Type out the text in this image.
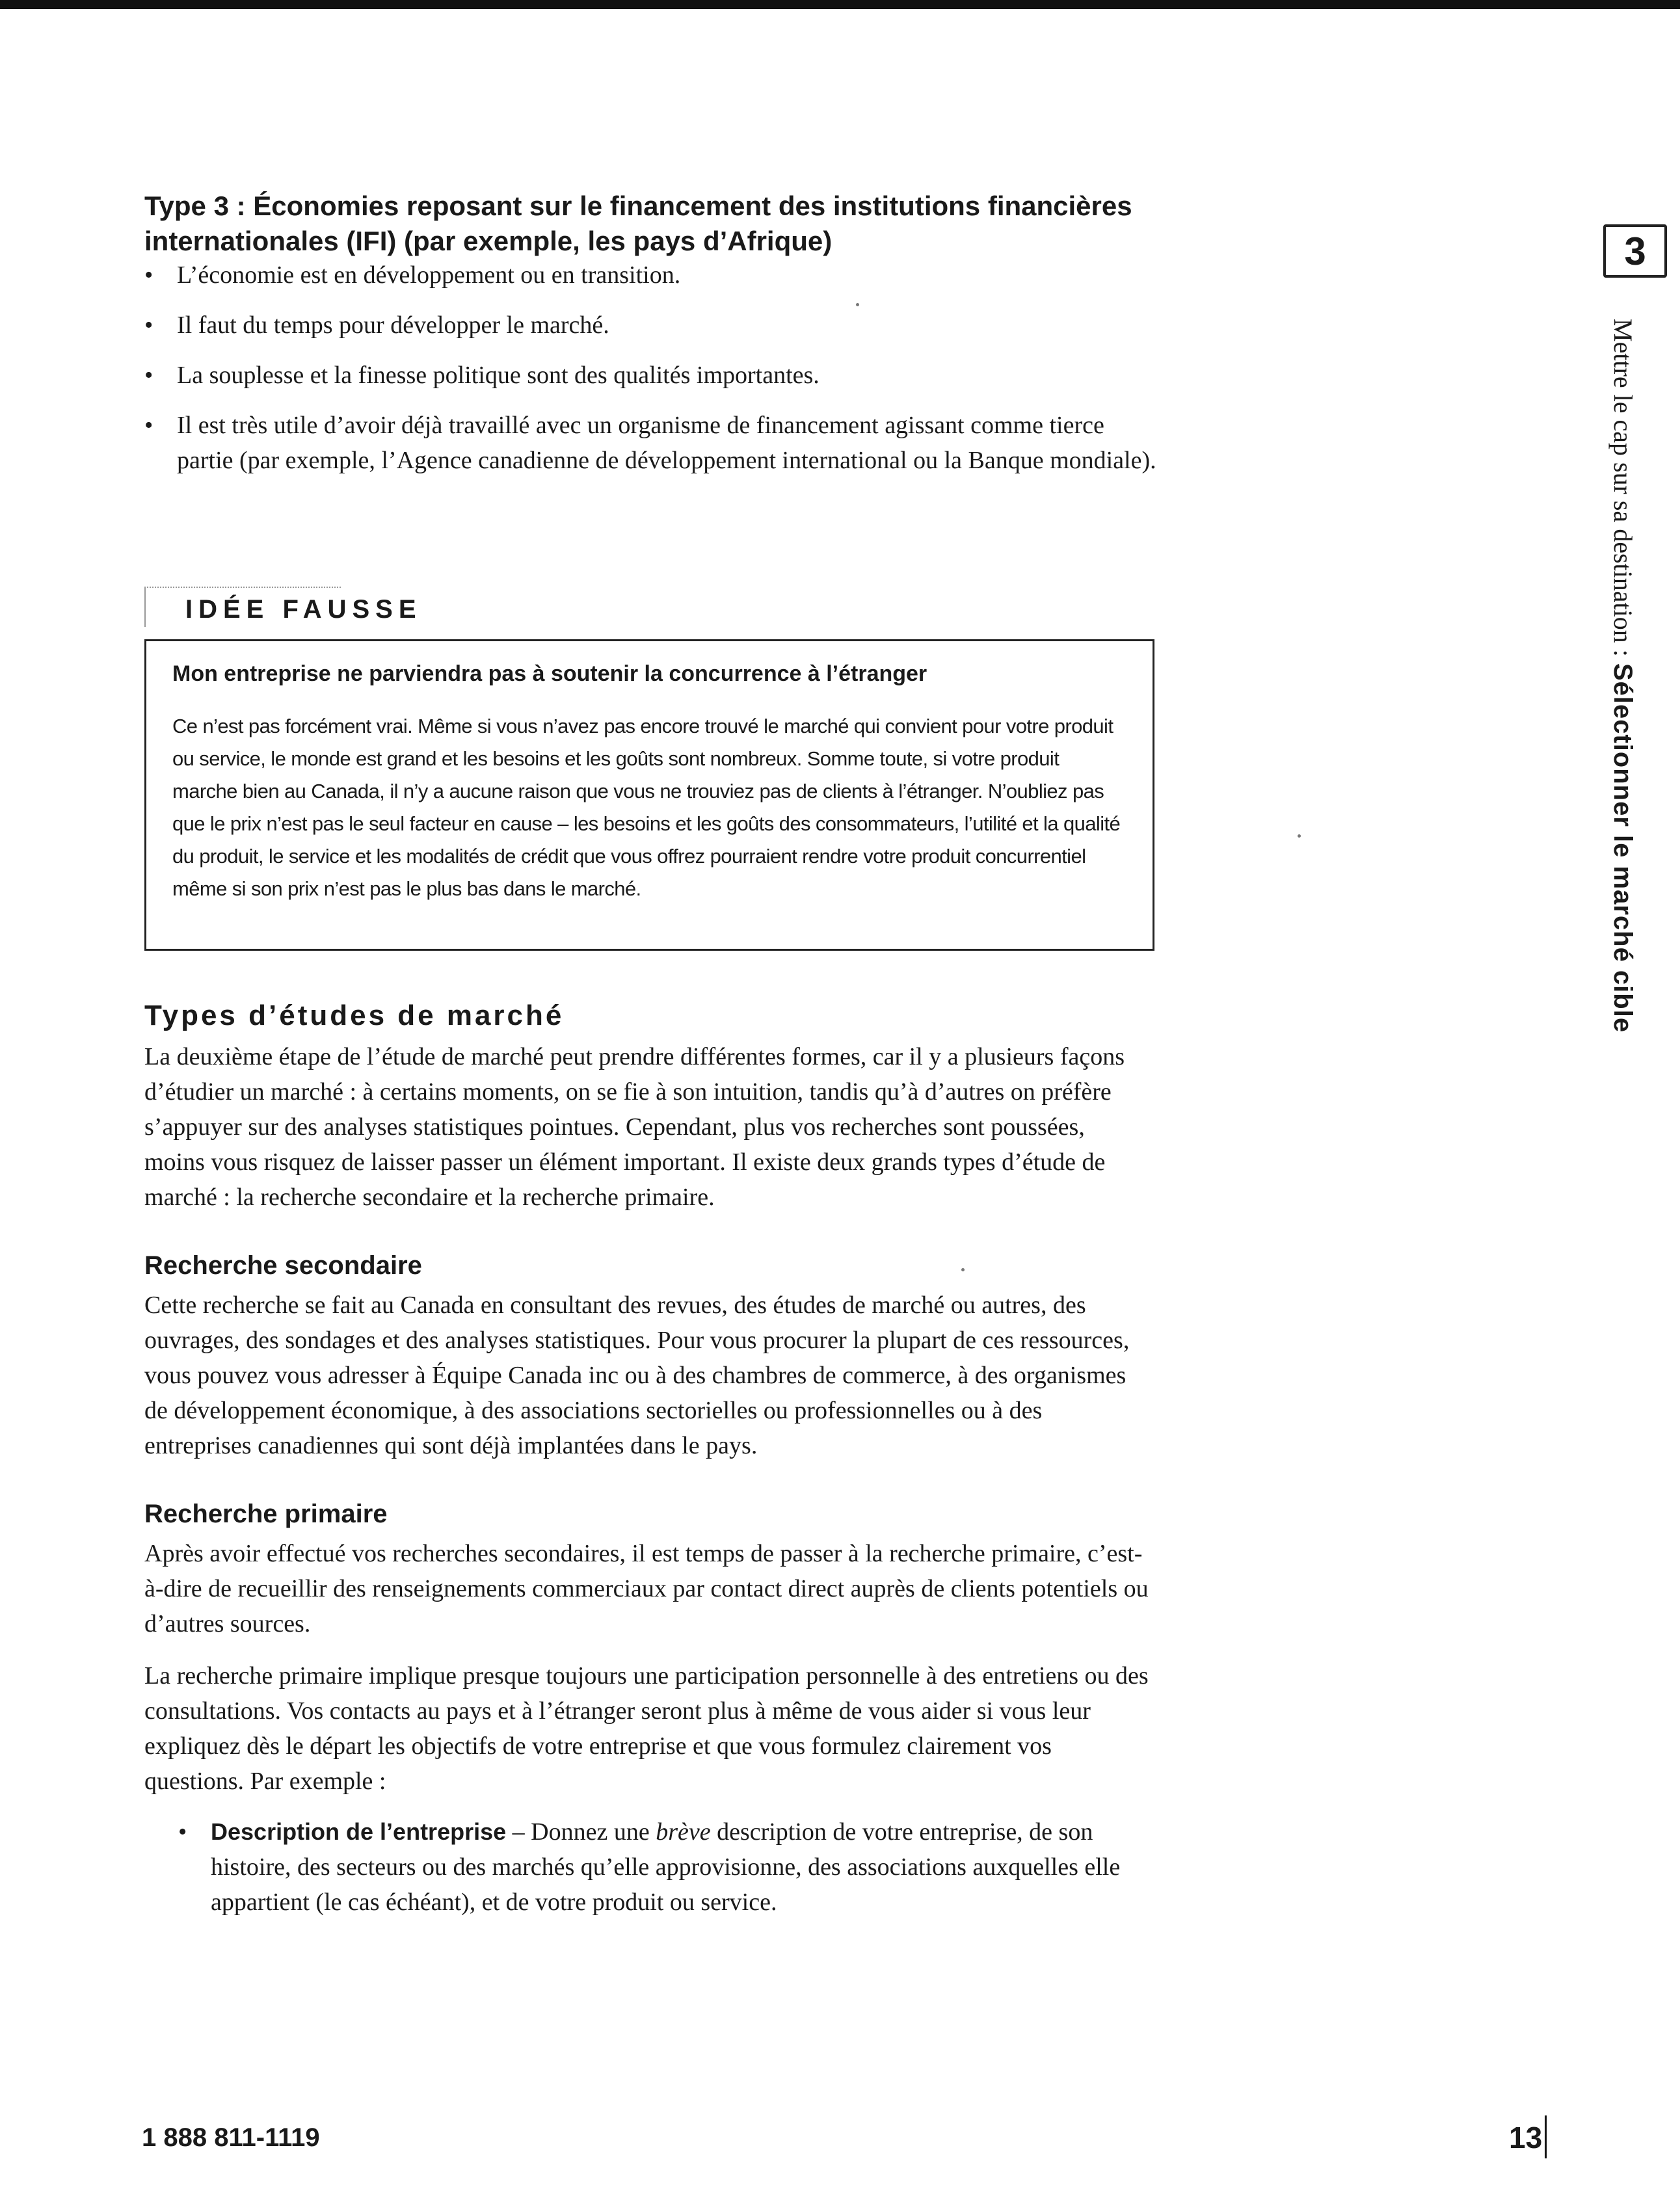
Type 3 : Économies reposant sur le financement des institutions financières internationales (IFI) (par exemple, les pays d’Afrique)
• L’économie est en développement ou en transition.
• Il faut du temps pour développer le marché.
• La souplesse et la finesse politique sont des qualités importantes.
• Il est très utile d’avoir déjà travaillé avec un organisme de financement agissant comme tierce partie (par exemple, l’Agence canadienne de développement international ou la Banque mondiale).
IDÉE FAUSSE
Mon entreprise ne parviendra pas à soutenir la concurrence à l’étranger
Ce n’est pas forcément vrai. Même si vous n’avez pas encore trouvé le marché qui convient pour votre produit ou service, le monde est grand et les besoins et les goûts sont nombreux. Somme toute, si votre produit marche bien au Canada, il n’y a aucune raison que vous ne trouviez pas de clients à l’étranger. N’oubliez pas que le prix n’est pas le seul facteur en cause – les besoins et les goûts des consommateurs, l’utilité et la qualité du produit, le service et les modalités de crédit que vous offrez pourraient rendre votre produit concurrentiel même si son prix n’est pas le plus bas dans le marché.
Types d’études de marché
La deuxième étape de l’étude de marché peut prendre différentes formes, car il y a plusieurs façons d’étudier un marché : à certains moments, on se fie à son intuition, tandis qu’à d’autres on préfère s’appuyer sur des analyses statistiques pointues. Cependant, plus vos recherches sont poussées, moins vous risquez de laisser passer un élément important. Il existe deux grands types d’étude de marché : la recherche secondaire et la recherche primaire.
Recherche secondaire
Cette recherche se fait au Canada en consultant des revues, des études de marché ou autres, des ouvrages, des sondages et des analyses statistiques. Pour vous procurer la plupart de ces ressources, vous pouvez vous adresser à Équipe Canada inc ou à des chambres de commerce, à des organismes de développement économique, à des associations sectorielles ou professionnelles ou à des entreprises canadiennes qui sont déjà implantées dans le pays.
Recherche primaire
Après avoir effectué vos recherches secondaires, il est temps de passer à la recherche primaire, c’est-à-dire de recueillir des renseignements commerciaux par contact direct auprès de clients potentiels ou d’autres sources.
La recherche primaire implique presque toujours une participation personnelle à des entretiens ou des consultations. Vos contacts au pays et à l’étranger seront plus à même de vous aider si vous leur expliquez dès le départ les objectifs de votre entreprise et que vous formulez clairement vos questions. Par exemple :
• Description de l’entreprise – Donnez une brève description de votre entreprise, de son histoire, des secteurs ou des marchés qu’elle approvisionne, des associations auxquelles elle appartient (le cas échéant), et de votre produit ou service.
3
Mettre le cap sur sa destination : Sélectionner le marché cible
1 888 811-1119	13
